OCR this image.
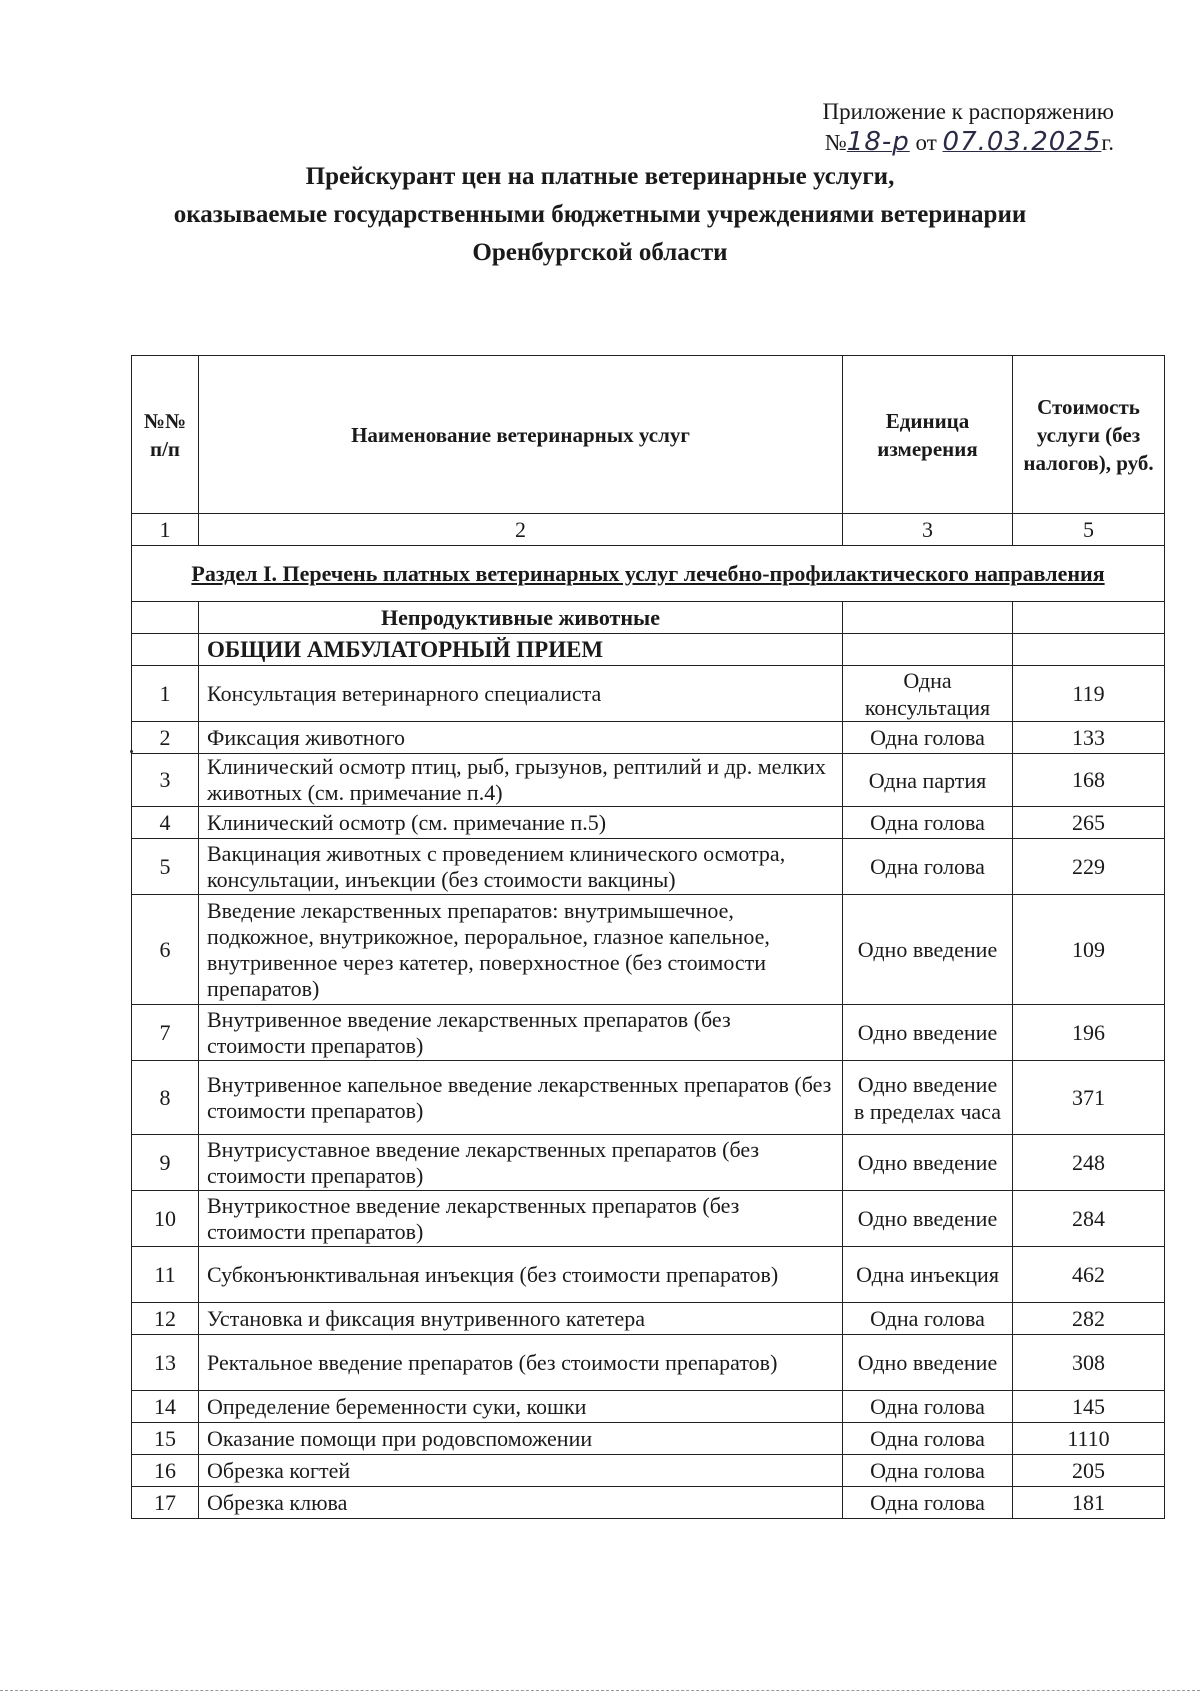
Приложение к распоряжению
№18-р от 07.03.2025г.
Прейскурант цен на платные ветеринарные услуги,
оказываемые государственными бюджетными учреждениями ветеринарии
Оренбургской области
№№ п/п	Наименование ветеринарных услуг	Единица измерения	Стоимость услуги (без налогов), руб.
1	2	3	5
Раздел I. Перечень платных ветеринарных услуг лечебно-профилактического направления			
	Непродуктивные животные		
	ОБЩИИ АМБУЛАТОРНЫЙ ПРИЕМ		
1	Консультация ветеринарного специалиста	Одна консультация	119
2	Фиксация животного	Одна голова	133
3	Клинический осмотр птиц, рыб, грызунов, рептилий и др. мелких животных (см. примечание п.4)	Одна партия	168
4	Клинический осмотр (см. примечание п.5)	Одна голова	265
5	Вакцинация животных с проведением клинического осмотра, консультации, инъекции (без стоимости вакцины)	Одна голова	229
6	Введение лекарственных препаратов: внутримышечное, подкожное, внутрикожное, пероральное, глазное капельное, внутривенное через катетер, поверхностное (без стоимости препаратов)	Одно введение	109
7	Внутривенное введение лекарственных препаратов (без стоимости препаратов)	Одно введение	196
8	Внутривенное капельное введение лекарственных препаратов (без стоимости препаратов)	Одно введение в пределах часа	371
9	Внутрисуставное введение лекарственных препаратов (без стоимости препаратов)	Одно введение	248
10	Внутрикостное введение лекарственных препаратов (без стоимости препаратов)	Одно введение	284
11	Субконъюнктивальная инъекция (без стоимости препаратов)	Одна инъекция	462
12	Установка и фиксация внутривенного катетера	Одна голова	282
13	Ректальное введение препаратов (без стоимости препаратов)	Одно введение	308
14	Определение беременности суки, кошки	Одна голова	145
15	Оказание помощи при родовспоможении	Одна голова	1110
16	Обрезка когтей	Одна голова	205
17	Обрезка клюва	Одна голова	181
